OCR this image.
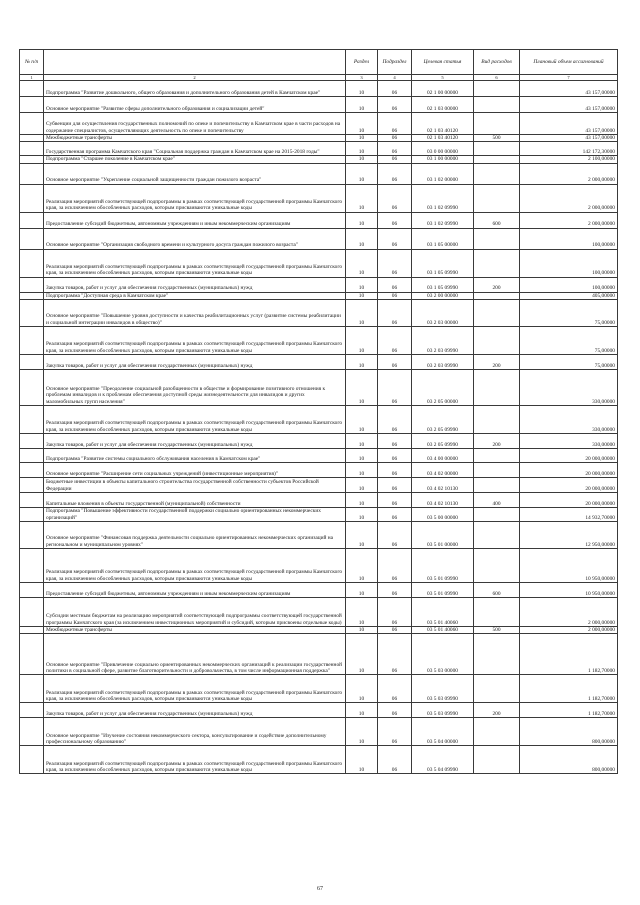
№ п/п		Раздел	Подраздел	Целевая статья	Вид расходов	Плановый объем ассигнований
1	2	3	4	5	6	7
	Подпрограмма "Развитие дошкольного, общего образования и дополнительного образования детей в Камчатском крае"	10	06	02 1 00 00000		43 157,00000
	Основное мероприятие "Развитие сферы дополнительного образования и социализации детей"	10	06	02 1 03 00000		43 157,00000
	Субвенции для осуществления государственных полномочий по опеке и попечительству в Камчатском крае в части расходов на содержание специалистов, осуществляющих деятельность по опеке и попечительству	10	06	02 1 03 40120		43 157,00000
	Межбюджетные трансферты	10	06	02 1 03 40120	500	43 157,00000
	Государственная программа Камчатского края "Социальная поддержка граждан в Камчатском крае на 2015-2018 годы"	10	06	03 0 00 00000		142 172,30000
	Подпрограмма "Старшее поколение в Камчатском крае"	10	06	03 1 00 00000		2 100,00000
	Основное мероприятие "Укрепление социальной защищенности граждан пожилого возраста"	10	06	03 1 02 00000		2 000,00000
	Реализация мероприятий соответствующей подпрограммы в рамках соответствующей государственной программы Камчатского края, за исключением обособленных расходов, которым присваиваются уникальные коды	10	06	03 1 02 09990		2 000,00000
	Предоставление субсидий бюджетным, автономным учреждениям и иным некоммерческим организациям	10	06	03 1 02 09990	600	2 000,00000
	Основное мероприятие "Организация свободного времени и культурного досуга граждан пожилого возраста"	10	06	03 1 05 00000		100,00000
	Реализация мероприятий соответствующей подпрограммы в рамках соответствующей государственной программы Камчатского края, за исключением обособленных расходов, которым присваиваются уникальные коды	10	06	03 1 05 09990		100,00000
	Закупка товаров, работ и услуг для обеспечения государственных (муниципальных) нужд	10	06	03 1 05 09990	200	100,00000
	Подпрограмма "Доступная среда в Камчатском крае"	10	06	03 2 00 00000		405,00000
	Основное мероприятие "Повышение уровня доступности и качества реабилитационных услуг (развитие системы реабилитации и социальной интеграции инвалидов в общество)"	10	06	03 2 03 00000		75,00000
	Реализация мероприятий соответствующей подпрограммы в рамках соответствующей государственной программы Камчатского края, за исключением обособленных расходов, которым присваиваются уникальные коды	10	06	03 2 03 09990		75,00000
	Закупка товаров, работ и услуг для обеспечения государственных (муниципальных) нужд	10	06	03 2 03 09990	200	75,00000
	Основное мероприятие "Преодоление социальной разобщенности в обществе и формирование позитивного отношения к проблемам инвалидов и к проблемам обеспечения доступной среды жизнедеятельности для инвалидов и других маломобильных групп населения"	10	06	03 2 05 00000		330,00000
	Реализация мероприятий соответствующей подпрограммы в рамках соответствующей государственной программы Камчатского края, за исключением обособленных расходов, которым присваиваются уникальные коды	10	06	03 2 05 09990		330,00000
	Закупка товаров, работ и услуг для обеспечения государственных (муниципальных) нужд	10	06	03 2 05 09990	200	330,00000
	Подпрограмма "Развитие системы социального обслуживания населения в Камчатском крае"	10	06	03 4 00 00000		20 000,00000
	Основное мероприятие "Расширение сети социальных учреждений (инвестиционные мероприятия)"	10	06	03 4 02 00000		20 000,00000
	Бюджетные инвестиции в объекты капитального строительства государственной собственности субъектов Российской Федерации	10	06	03 4 02 10130		20 000,00000
	Капитальные вложения в объекты государственной (муниципальной) собственности	10	06	03 4 02 10130	400	20 000,00000
	Подпрограмма "Повышение эффективности государственной поддержки социально ориентированных некоммерческих организаций"	10	06	03 5 00 00000		14 932,70000
	Основное мероприятие "Финансовая поддержка деятельности социально ориентированных некоммерческих организаций на региональном и муниципальном уровнях"	10	06	03 5 01 00000		12 950,00000
	Реализация мероприятий соответствующей подпрограммы в рамках соответствующей государственной программы Камчатского края, за исключением обособленных расходов, которым присваиваются уникальные коды	10	06	03 5 01 09990		10 950,00000
	Предоставление субсидий бюджетным, автономным учреждениям и иным некоммерческим организациям	10	06	03 5 01 09990	600	10 950,00000
	Субсидии местным бюджетам на реализацию мероприятий соответствующей подпрограммы соответствующей государственной программы Камчатского края (за исключением инвестиционных мероприятий и субсидий, которым присвоены отдельные коды)	10	06	03 5 01 40060		2 000,00000
	Межбюджетные трансферты	10	06	03 5 01 40060	500	2 000,00000
	Основное мероприятие "Привлечение социально ориентированных некоммерческих организаций к реализации государственной политики в социальной сфере, развитие благотворительности и добровольчества, в том числе информационная поддержка"	10	06	03 5 03 00000		1 182,70000
	Реализация мероприятий соответствующей подпрограммы в рамках соответствующей государственной программы Камчатского края, за исключением обособленных расходов, которым присваиваются уникальные коды	10	06	03 5 03 09990		1 182,70000
	Закупка товаров, работ и услуг для обеспечения государственных (муниципальных) нужд	10	06	03 5 03 09990	200	1 182,70000
	Основное мероприятие "Изучение состояния некоммерческого сектора, консультирование и содействие дополнительному профессиональному образованию"	10	06	03 5 04 00000		800,00000
	Реализация мероприятий соответствующей подпрограммы в рамках соответствующей государственной программы Камчатского края, за исключением обособленных расходов, которым присваиваются уникальные коды	10	06	03 5 04 09990		800,00000
67
